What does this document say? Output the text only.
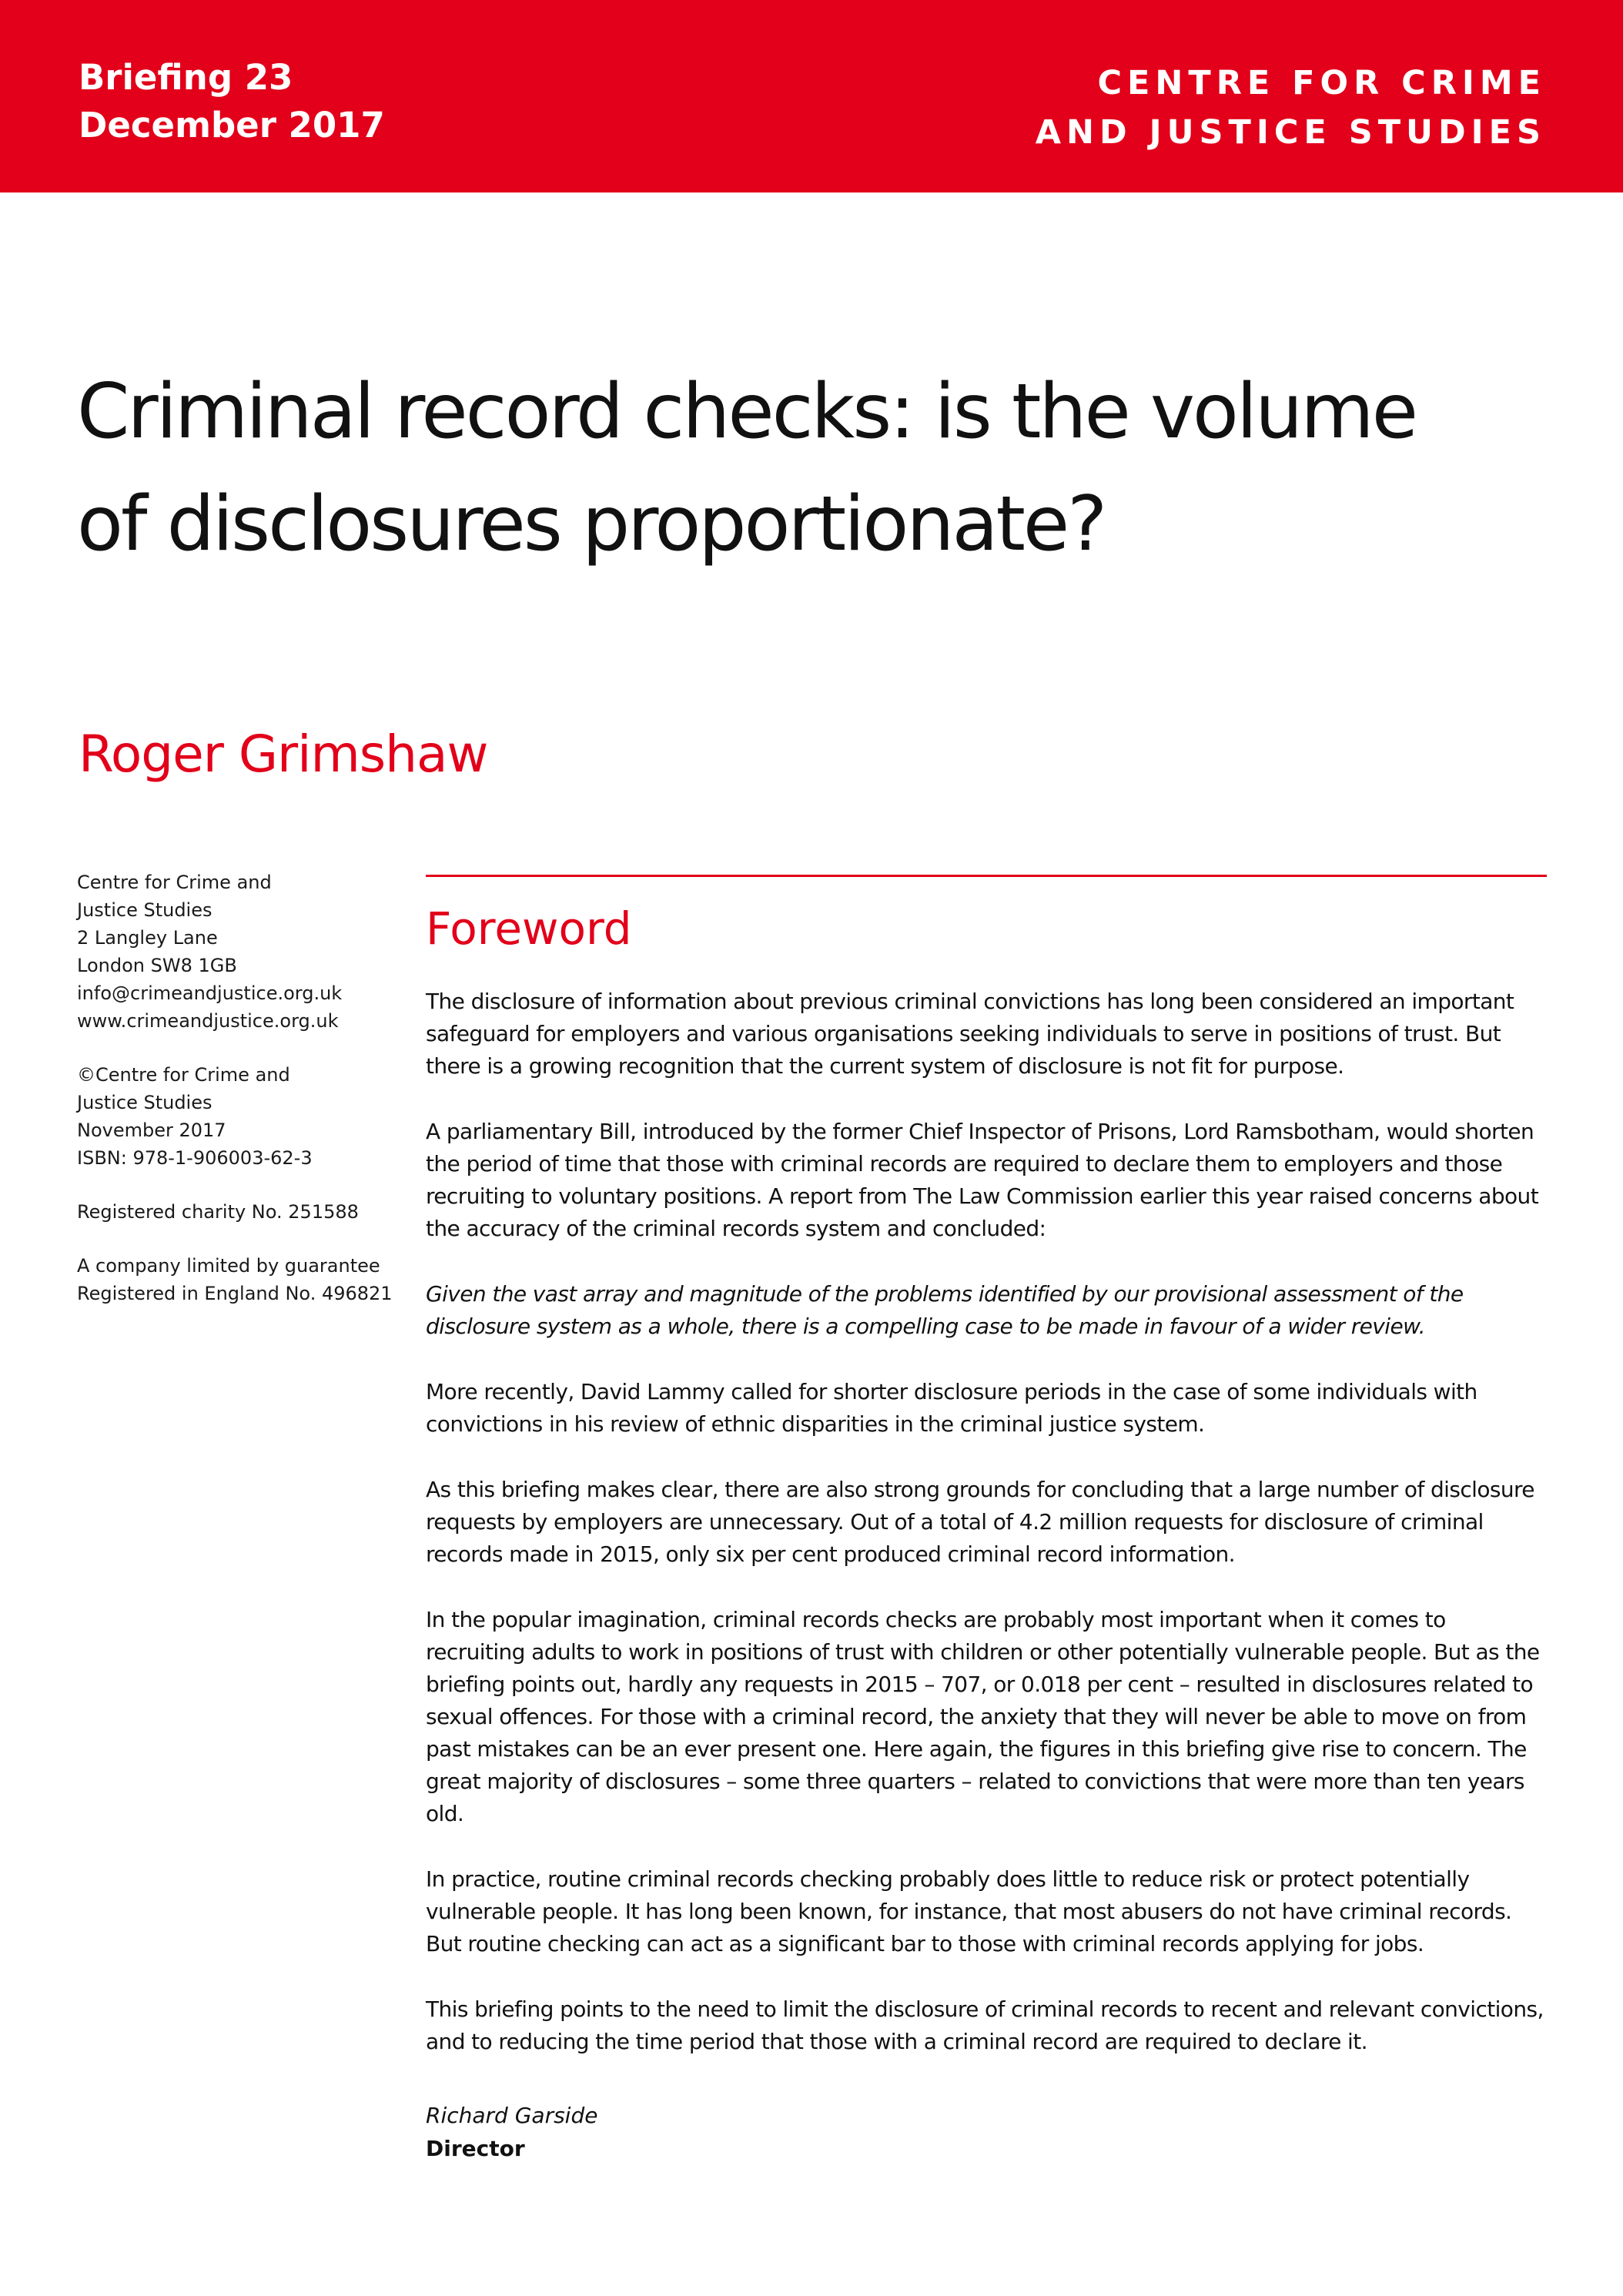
Briefing 23
December 2017
CENTRE FOR CRIME
AND JUSTICE STUDIES
Criminal record checks: is the volume
of disclosures proportionate?
Roger Grimshaw
Centre for Crime and
Justice Studies
2 Langley Lane
London SW8 1GB
info@crimeandjustice.org.uk
www.crimeandjustice.org.uk
©Centre for Crime and
Justice Studies
November 2017
ISBN: 978-1-906003-62-3
Registered charity No. 251588
A company limited by guarantee
Registered in England No. 496821
Foreword

The disclosure of information about previous criminal convictions has long been considered an important safeguard for employers and various organisations seeking individuals to serve in positions of trust. But there is a growing recognition that the current system of disclosure is not fit for purpose.

A parliamentary Bill, introduced by the former Chief Inspector of Prisons, Lord Ramsbotham, would shorten the period of time that those with criminal records are required to declare them to employers and those recruiting to voluntary positions. A report from The Law Commission earlier this year raised concerns about the accuracy of the criminal records system and concluded:

Given the vast array and magnitude of the problems identified by our provisional assessment of the disclosure system as a whole, there is a compelling case to be made in favour of a wider review.

More recently, David Lammy called for shorter disclosure periods in the case of some individuals with convictions in his review of ethnic disparities in the criminal justice system.

As this briefing makes clear, there are also strong grounds for concluding that a large number of disclosure requests by employers are unnecessary. Out of a total of 4.2 million requests for disclosure of criminal records made in 2015, only six per cent produced criminal record information.

In the popular imagination, criminal records checks are probably most important when it comes to recruiting adults to work in positions of trust with children or other potentially vulnerable people. But as the briefing points out, hardly any requests in 2015 – 707, or 0.018 per cent – resulted in disclosures related to sexual offences. For those with a criminal record, the anxiety that they will never be able to move on from past mistakes can be an ever present one. Here again, the figures in this briefing give rise to concern. The great majority of disclosures – some three quarters – related to convictions that were more than ten years old.

In practice, routine criminal records checking probably does little to reduce risk or protect potentially vulnerable people. It has long been known, for instance, that most abusers do not have criminal records. But routine checking can act as a significant bar to those with criminal records applying for jobs.

This briefing points to the need to limit the disclosure of criminal records to recent and relevant convictions, and to reducing the time period that those with a criminal record are required to declare it.

Richard Garside
Director
